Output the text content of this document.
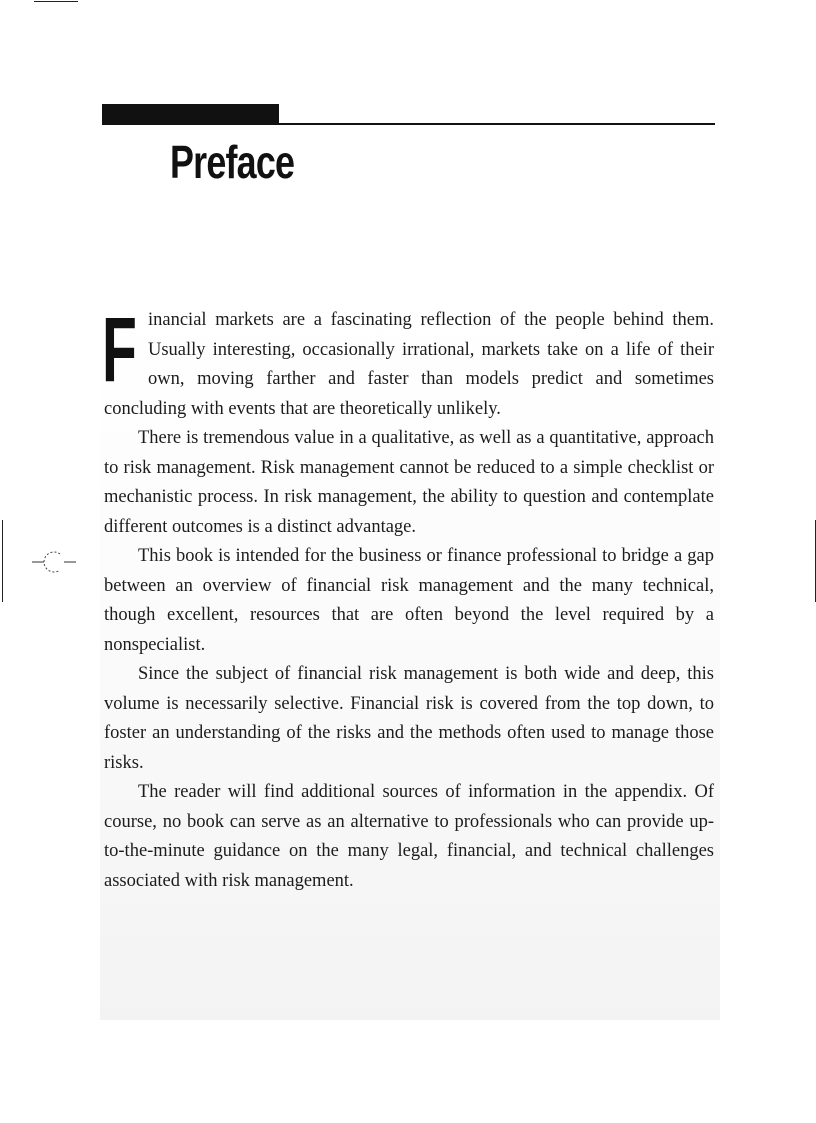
Preface

Financial markets are a fascinating reflection of the people behind them. Usually interesting, occasionally irrational, markets take on a life of their own, moving farther and faster than models predict and sometimes concluding with events that are theoretically unlikely.

There is tremendous value in a qualitative, as well as a quantitative, approach to risk management. Risk management cannot be reduced to a simple checklist or mechanistic process. In risk management, the ability to question and contemplate different outcomes is a distinct advantage.

This book is intended for the business or finance professional to bridge a gap between an overview of financial risk management and the many technical, though excellent, resources that are often beyond the level required by a nonspecialist.

Since the subject of financial risk management is both wide and deep, this volume is necessarily selective. Financial risk is covered from the top down, to foster an understanding of the risks and the methods often used to manage those risks.

The reader will find additional sources of information in the appendix. Of course, no book can serve as an alternative to professionals who can provide up-to-the-minute guidance on the many legal, financial, and technical challenges associated with risk management.
